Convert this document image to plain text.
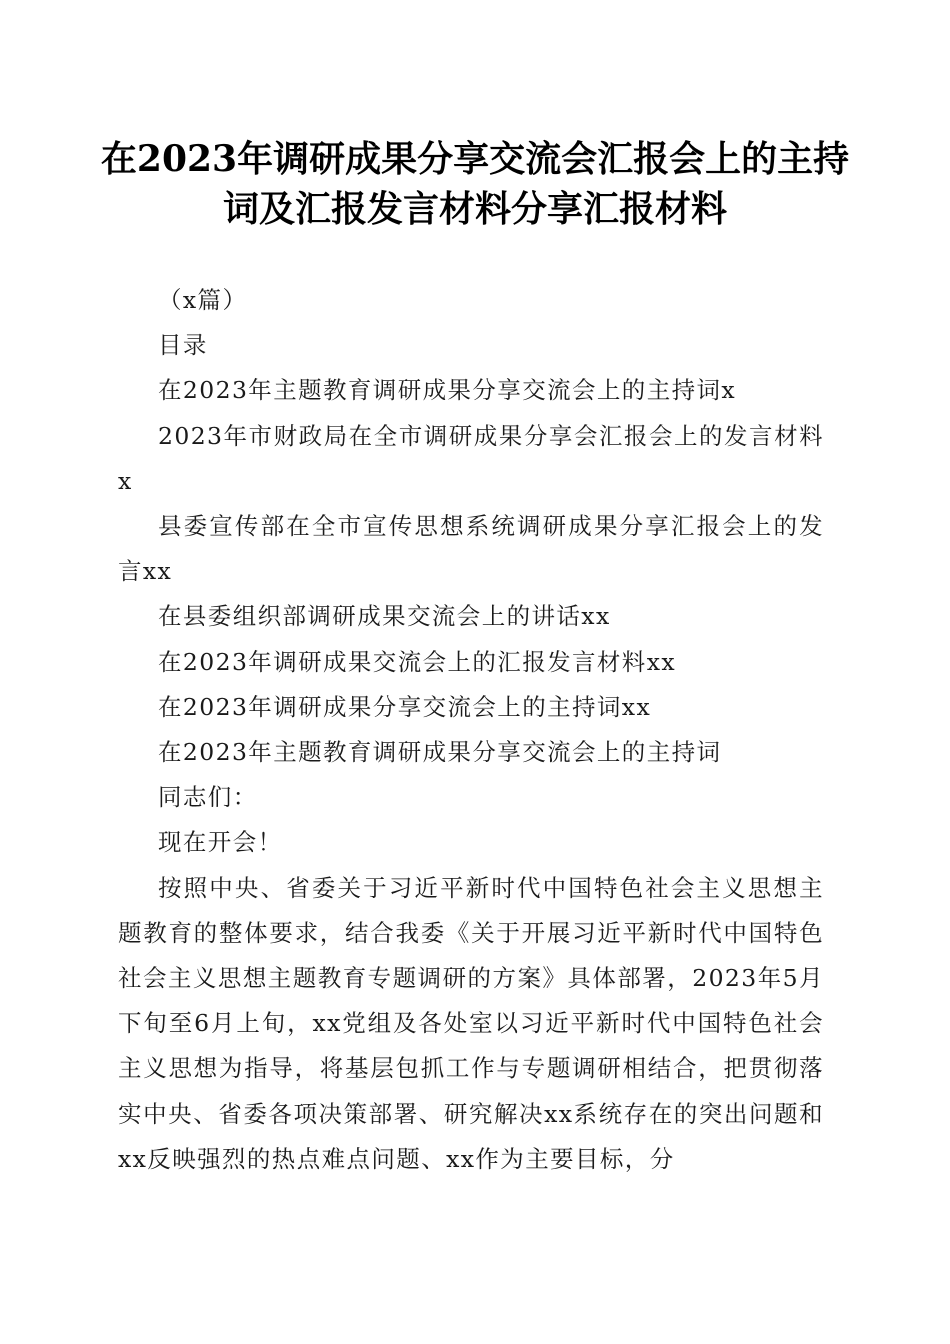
在2023年调研成果分享交流会汇报会上的主持词及汇报发言材料分享汇报材料

（x篇）

目录

在2023年主题教育调研成果分享交流会上的主持词x

2023年市财政局在全市调研成果分享会汇报会上的发言材料x

县委宣传部在全市宣传思想系统调研成果分享汇报会上的发言xx

在县委组织部调研成果交流会上的讲话xx

在2023年调研成果交流会上的汇报发言材料xx

在2023年调研成果分享交流会上的主持词xx

在2023年主题教育调研成果分享交流会上的主持词

同志们：

现在开会！

按照中央、省委关于习近平新时代中国特色社会主义思想主题教育的整体要求，结合我委《关于开展习近平新时代中国特色社会主义思想主题教育专题调研的方案》具体部署，2023年5月下旬至6月上旬，xx党组及各处室以习近平新时代中国特色社会主义思想为指导，将基层包抓工作与专题调研相结合，把贯彻落实中央、省委各项决策部署、研究解决xx系统存在的突出问题和xx反映强烈的热点难点问题、xx作为主要目标，分
